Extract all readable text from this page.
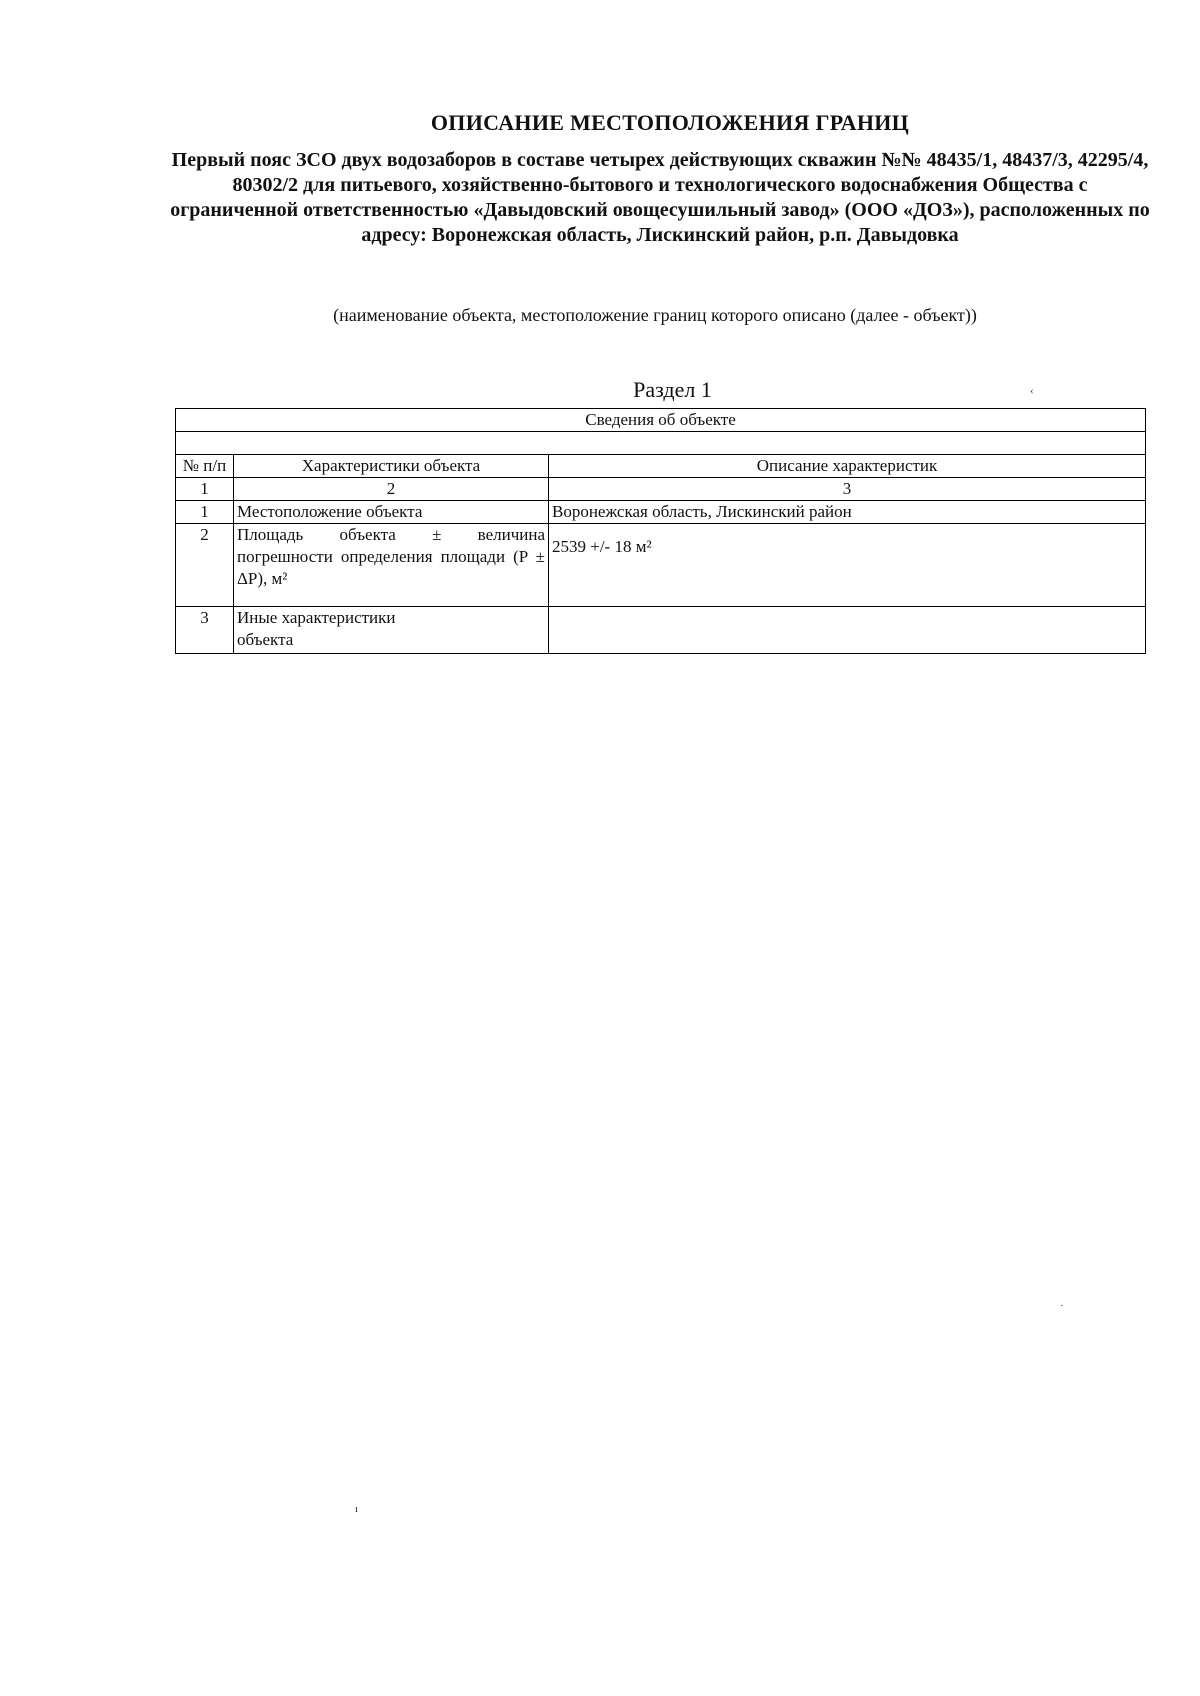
ОПИСАНИЕ МЕСТОПОЛОЖЕНИЯ ГРАНИЦ
Первый пояс ЗСО двух водозаборов в составе четырех действующих скважин №№ 48435/1, 48437/3, 42295/4, 80302/2 для питьевого, хозяйственно-бытового и технологического водоснабжения Общества с ограниченной ответственностью «Давыдовский овощесушильный завод» (ООО «ДОЗ»), расположенных по адресу: Воронежская область, Лискинский район, р.п. Давыдовка
(наименование объекта, местоположение границ которого описано (далее - объект))
Раздел 1	‹
·
ı
Сведения об объекте		

№ п/п	Характеристики объекта	Описание характеристик
1	2	3
1	Местоположение объекта	Воронежская область, Лискинский район
2	Площадь объекта ± величина погрешности определения площади (P ± ΔP), м²	2539 +/- 18 м²
3	Иные характеристики объекта	
